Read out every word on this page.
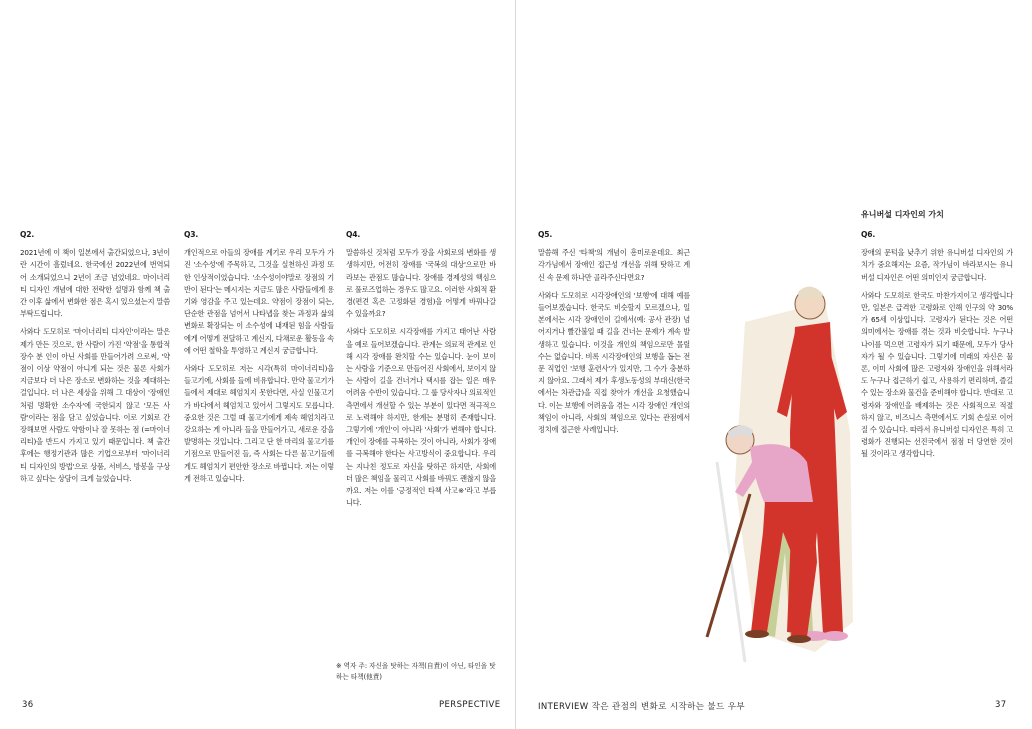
Q2.

2021년에 이 책이 일본에서 출간되었으나, 3년이란 시간이 흘렀네요. 한국에선 2022년에 번역되어 소개되었으니 2년이 조금 넘었네요. 마이너리티 디자인 개념에 대한 전략한 설명과 함께 책 출간 이후 삶에서 변화한 점은 혹시 있으셨는지 말씀 부탁드립니다.

사와다 도모히로 '마이너리티 디자인'이라는 말은 제가 만든 것으로, 한 사람이 가진 '약점'을 통합적 장수 분 인이 아닌 사회를 만들어가려 으로써, '약점이 이상 약점이 아니게 되는 것은 물론 사회가 지금보다 더 나은 장소로 변화하는 것을 제대하는 걸입니다. 더 나은 세상을 위해 그 대상이 '장애인처럼 명확한 소수자'에 국한되지 않고 '모든 사람'이라는 점을 담고 싶었습니다. 이로 기회로 간장해보면 사람도 약함이나 잘 못하는 점 (=마이너리티)을 반드시 가지고 있기 때문입니다. 책 출간 후에는 행정기관과 많은 기업으로부터 '마이너리티 디자인의 방법'으로 상품, 서비스, 방봉을 구상하고 싶다는 상담이 크게 늘었습니다.

Q3.

개인적으로 아들의 장애를 계기로 우리 모두가 가진 '소수성'에 주목하고, 그것을 실천하신 과정 또한 인상적이었습니다. '소수성이야말로 장점의 기반이 된다'는 메시지는 지금도 많은 사람들에게 용기와 영감을 주고 있는데요. 약점이 장점이 되는, 단순한 관점을 넘어서 나타냅을 찾는 과정과 삶의 변화로 확장되는 이 소수성에 내재된 힘을 사람들에게 어떻게 전달하고 계신지, 다채로운 활동을 속에 어떤 철학을 투영하고 계신지 궁금합니다.

사와다 도모히로 저는 시각(특히 마이너리티)을 들고기에, 사회를 들에 비유합니다. 만약 물고기가 들에서 제대로 헤엄치지 못한다면, 사실 인물고기가 바다에서 헤엄치고 있어서 그렇지도 모릅니다. 중요한 것은 그럴 때 물고기에게 제속 헤엄치라고 강요하는 게 아니라 들을 만들어가고, 새로운 강을 발명하는 것입니다. 그리고 단 한 마리의 물고기를 기점으로 만들어진 들, 즉 사회는 다른 물고기들에게도 헤엄치기 편안한 장소로 바뀝니다. 저는 이렇게 전하고 있습니다.

Q4.

말씀하신 것처럼 모두가 장을 사회로의 변화를 생생하지만, 어전히 장애를 '국복의 대상'으로만 바라보는 관점도 많습니다. 장애를 경제성의 핵심으로 풀로즈업하는 경우도 많고요. 이러한 사회적 환경(편견 혹은 고정화된 경험)을 어떻게 바꿔나갈 수 있을까요?

사와다 도모히로 시각장애를 가지고 태어난 사람을 예로 들어보겠습니다. 관계는 의료적 관계로 인해 시각 장애를 완치할 수는 있습니다. 눈이 보이는 사람을 기준으로 만들어진 사회에서, 보이지 않는 사람이 길을 건너거나 택시를 잡는 일은 매우 어려움 수반이 있습니다. 그 룹 당사자나 의료적인 측면에서 개선할 수 있는 부분이 있다면 적극적으로 노력해야 하지만, 한계는 분명히 존재합니다. 그렇기에 '개인'이 아니라 '사회'가 변해야 합니다. 개인이 장애를 극복하는 것이 아니라, 사회가 장애를 극복해야 한다는 사고방식이 중요합니다. 우리는 지나친 정도로 자신을 탓하곤 하지만, 사회에 더 많은 책임을 물리고 사회를 바꿔도 괜찮지 않을까요. 저는 이를 '긍정적인 타책 사고※'라고 부릅니다.

※ 역자 주: 자신을 탓하는 자책(自責)이 아닌, 타인을 탓하는 타책(他責)
Q5.

말씀해 주신 '타책'의 개념이 흥미로운데요. 최근 각가님에서 장애인 접근성 개선을 위해 탓하고 계신 속 문제 하나만 골라주신다면요?

사와다 도모히로 시각장애인의 '보행'에 대해 예를 들어보겠습니다. 한국도 비슷할지 모르겠으나, 일본에서는 시각 장애인이 길에서(예: 공사 관장) 넘어지거나 빨간불일 때 길을 건너는 문제가 계속 발생하고 있습니다. 이것을 개인의 책임으로만 몰릴 수는 없습니다. 비록 시각장애인의 보행을 돕는 전문 직업인 '보행 훈련사'가 있지만, 그 수가 충분하지 않아요. 그래서 제가 후생노동성의 부대신(한국에서는 차관급)을 직접 찾아가 개선을 요청했습니다. 이는 보행에 어려움을 겪는 시각 장애인 개인의 책임이 아니라, 사회의 책임으로 있다는 관점에서 정치에 접근한 사례입니다.

유니버설 디자인의 가치
Q6.

장애의 문턱을 낮추기 위한 유니버설 디자인의 가치가 중요해지는 요즘, 작가님이 바라보시는 유니버설 디자인은 어떤 의미인지 궁금합니다.

사와다 도모히로 한국도 마찬가지이고 생각합니다만, 일본은 급격한 고령화로 인해 인구의 약 30%가 65세 이상입니다. 고령자가 된다는 것은 어떤 의미에서는 장애를 겪는 것과 비슷합니다. 누구나 나이를 먹으면 고령자가 되기 때문에, 모두가 당사자가 될 수 있습니다. 그렇기에 미래의 자신은 물론, 이미 사회에 많은 고령자와 장애인을 위해서라도 누구나 접근하기 쉽고, 사용하기 편리하며, 즐길 수 있는 장소와 물건을 준비해야 합니다. 반대로 고령자와 장애인을 배제하는 것은 사회적으로 적절하지 않고, 비즈니스 측면에서도 기회 손실로 이어질 수 있습니다. 따라서 유니버설 디자인은 특히 고령화가 진행되는 선진국에서 점점 더 당연한 것이 될 것이라고 생각합니다.

36	PERSPECTIVE	INTERVIEW 작은 관점의 변화로 시작하는 불드 우부	37
